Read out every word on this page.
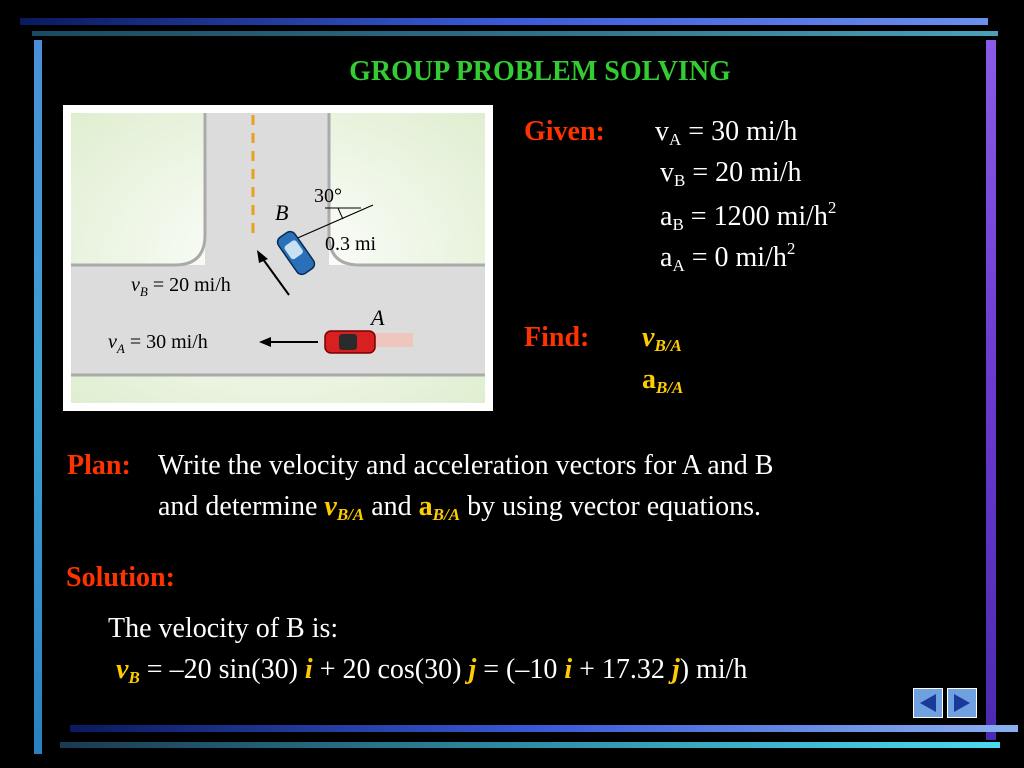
GROUP PROBLEM SOLVING
B
A
30°
0.3 mi
$v_B = 20$ mi/h
$v_A = 30$ mi/h
Given: $v_A = 30$ mi/h
$v_B = 20$ mi/h
$a_B = 1200$ $mi/h^2$
$a_A = 0$ $mi/h^2$
Find: $v_{B/A}$
$a_{B/A}$
Plan: Write the velocity and acceleration vectors for A and B
and determine $v_{B/A}$ and $a_{B/A}$ by using vector equations.
Solution:
The velocity of B is:
$v_B = -20$ sin(30) i + 20 cos(30) j = (–10 i + 17.32 j) mi/h
